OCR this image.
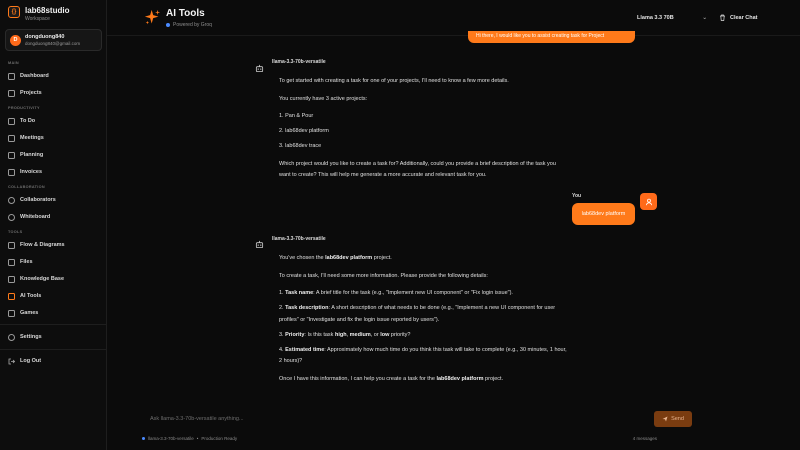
{}	lab68studio
Workspace
D
dongduong840
dongduong840@gmail.com
MAIN
Dashboard
Projects
PRODUCTIVITY
To Do
Meetings
Planning
Invoices
COLLABORATION
Collaborators
Whiteboard
TOOLS
Flow & Diagrams
Files
Knowledge Base
AI Tools
Games
Settings
Log Out
AI Tools
Powered by Groq
Llama 3.3 70B	⌄	Clear Chat
Hi there, I would like you to assist creating task for Project
llama-3.3-70b-versatile

To get started with creating a task for one of your projects, I'll need to know a few more details.

You currently have 3 active projects:

1. Pan & Pour
2. lab68dev platform
3. lab68dev trace

Which project would you like to create a task for? Additionally, could you provide a brief description of the task you want to create? This will help me generate a more accurate and relevant task for you.

You
lab68dev platform
llama-3.3-70b-versatile

You've chosen the lab68dev platform project.

To create a task, I'll need some more information. Please provide the following details:

1. Task name: A brief title for the task (e.g., "Implement new UI component" or "Fix login issue").
2. Task description: A short description of what needs to be done (e.g., "Implement a new UI component for user profiles" or "Investigate and fix the login issue reported by users").
3. Priority: Is this task high, medium, or low priority?
4. Estimated time: Approximately how much time do you think this task will take to complete (e.g., 30 minutes, 1 hour, 2 hours)?

Once I have this information, I can help you create a task for the lab68dev platform project.

Ask llama-3.3-70b-versatile anything...
Send
llama-3.3-70b-versatile • Production Ready	4 messages
